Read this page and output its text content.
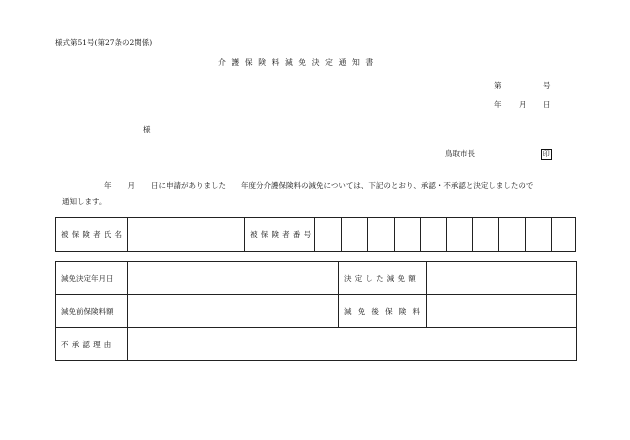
様式第51号(第27条の2関係)
介護保険料減免決定通知書
第	号
年 月 日
様
鳥取市長	印
年 月 日に申請がありました　　年度分介護保険料の減免については、下記のとおり、承認・不承認と決定しましたので
通知します。
被保険者氏名		被保険者番号										
減免決定年月日		決定した減免額	
減免前保険料額		減免後保険料	
不承認理由			
